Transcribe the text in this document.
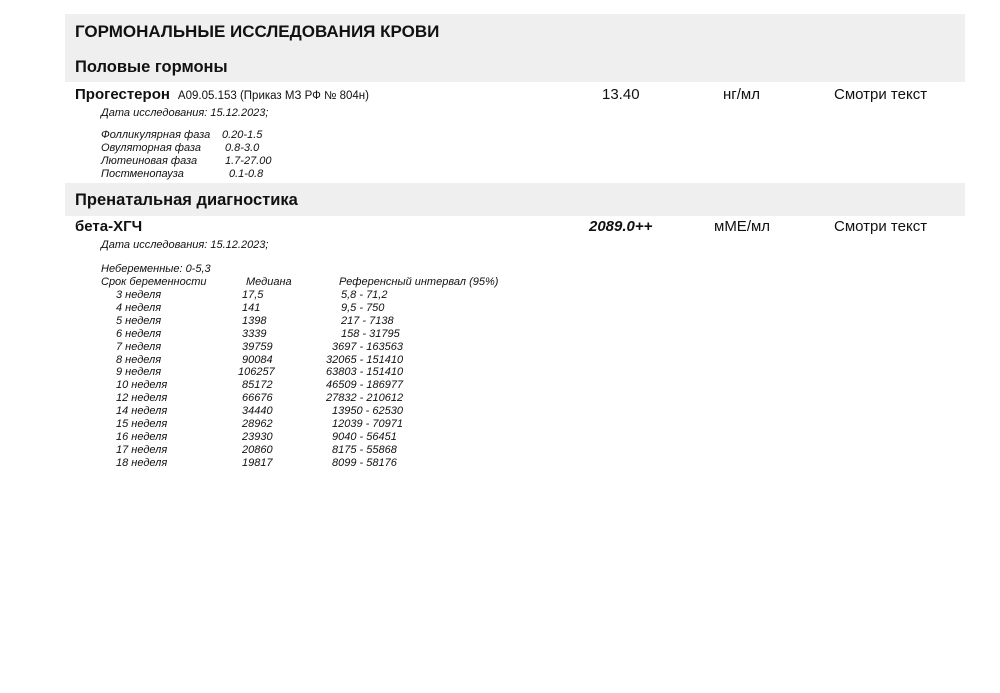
ГОРМОНАЛЬНЫЕ ИССЛЕДОВАНИЯ КРОВИ
Половые гормоны
Прогестерон А09.05.153 (Приказ МЗ РФ № 804н)	13.40	нг/мл	Смотри текст
Дата исследования: 15.12.2023;
Фолликулярная фаза 0.20-1.5
Овуляторная фаза 0.8-3.0
Лютеиновая фаза	1.7-27.00
Постменопауза	0.1-0.8
Пренатальная диагностика
бета-ХГЧ	2089.0++	мМЕ/мл	Смотри текст
Дата исследования: 15.12.2023;
Небеременные: 0-5,3
Срок беременности	Медиана	Референсный интервал (95%)
3 неделя	17,5	5,8 - 71,2
4 неделя	141	9,5 - 750
5 неделя	1398	217 - 7138
6 неделя	3339	158 - 31795
7 неделя	39759	3697 - 163563
8 неделя	90084	32065 - 151410
9 неделя	106257	63803 - 151410
10 неделя	85172	46509 - 186977
12 неделя	66676	27832 - 210612
14 неделя	34440	13950 - 62530
15 неделя	28962	12039 - 70971
16 неделя	23930	9040 - 56451
17 неделя	20860	8175 - 55868
18 неделя	19817	8099 - 58176
